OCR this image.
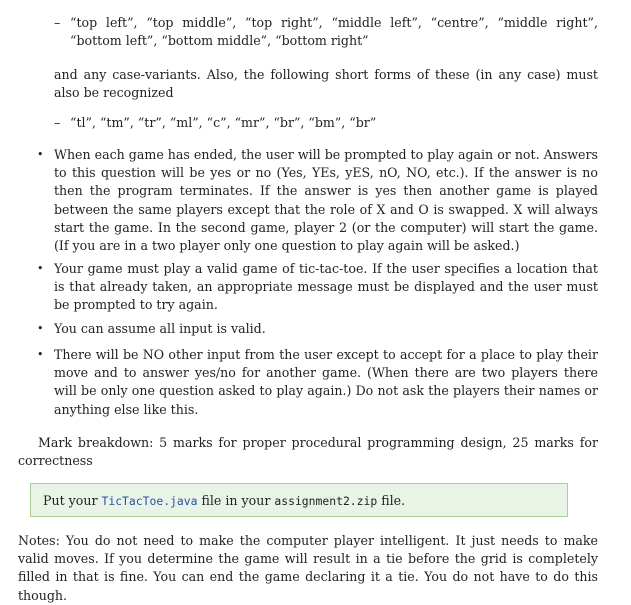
– “top left”, “top middle”, “top right”, “middle left”, “centre”, “middle right”, “bottom left”, “bottom middle”, “bottom right”

and any case-variants. Also, the following short forms of these (in any case) must also be recognized

– “tl”, “tm”, “tr”, “ml”, “c”, “mr”, “br”, “bm”, “br”
• When each game has ended, the user will be prompted to play again or not. Answers to this question will be yes or no (Yes, YEs, yES, nO, NO, etc.). If the answer is no then the program terminates. If the answer is yes then another game is played between the same players except that the role of X and O is swapped. X will always start the game. In the second game, player 2 (or the computer) will start the game. (If you are in a two player only one question to play again will be asked.)
• Your game must play a valid game of tic-tac-toe. If the user specifies a location that is that already taken, an appropriate message must be displayed and the user must be prompted to try again.
• You can assume all input is valid.
• There will be NO other input from the user except to accept for a place to play their move and to answer yes/no for another game. (When there are two players there will be only one question asked to play again.) Do not ask the players their names or anything else like this.

Mark breakdown: 5 marks for proper procedural programming design, 25 marks for correctness

Put your TicTacToe.java file in your assignment2.zip file.

Notes: You do not need to make the computer player intelligent. It just needs to make valid moves. If you determine the game will result in a tie before the grid is completely filled in that is fine. You can end the game declaring it a tie. You do not have to do this though.
